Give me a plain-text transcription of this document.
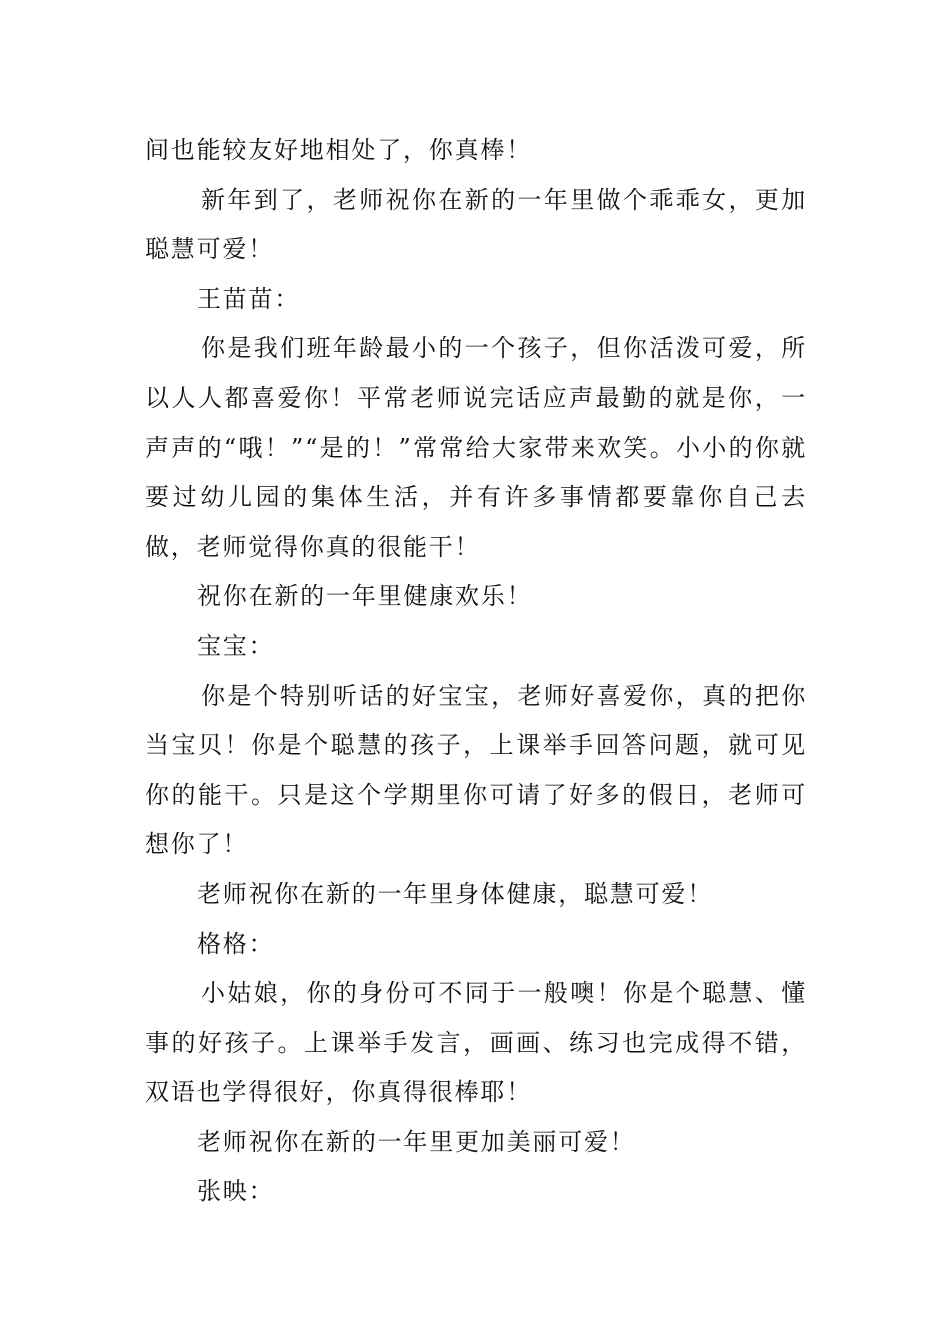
间也能较友好地相处了，你真棒！

新年到了，老师祝你在新的一年里做个乖乖女，更加聪慧可爱！

王苗苗：

你是我们班年龄最小的一个孩子，但你活泼可爱，所以人人都喜爱你！平常老师说完话应声最勤的就是你，一声声的“哦！”“是的！”常常给大家带来欢笑。小小的你就要过幼儿园的集体生活，并有许多事情都要靠你自己去做，老师觉得你真的很能干！

祝你在新的一年里健康欢乐！

宝宝：

你是个特别听话的好宝宝，老师好喜爱你，真的把你当宝贝！你是个聪慧的孩子，上课举手回答问题，就可见你的能干。只是这个学期里你可请了好多的假日，老师可想你了！

老师祝你在新的一年里身体健康，聪慧可爱！

格格：

小姑娘，你的身份可不同于一般噢！你是个聪慧、懂事的好孩子。上课举手发言，画画、练习也完成得不错，双语也学得很好，你真得很棒耶！

老师祝你在新的一年里更加美丽可爱！

张映：
